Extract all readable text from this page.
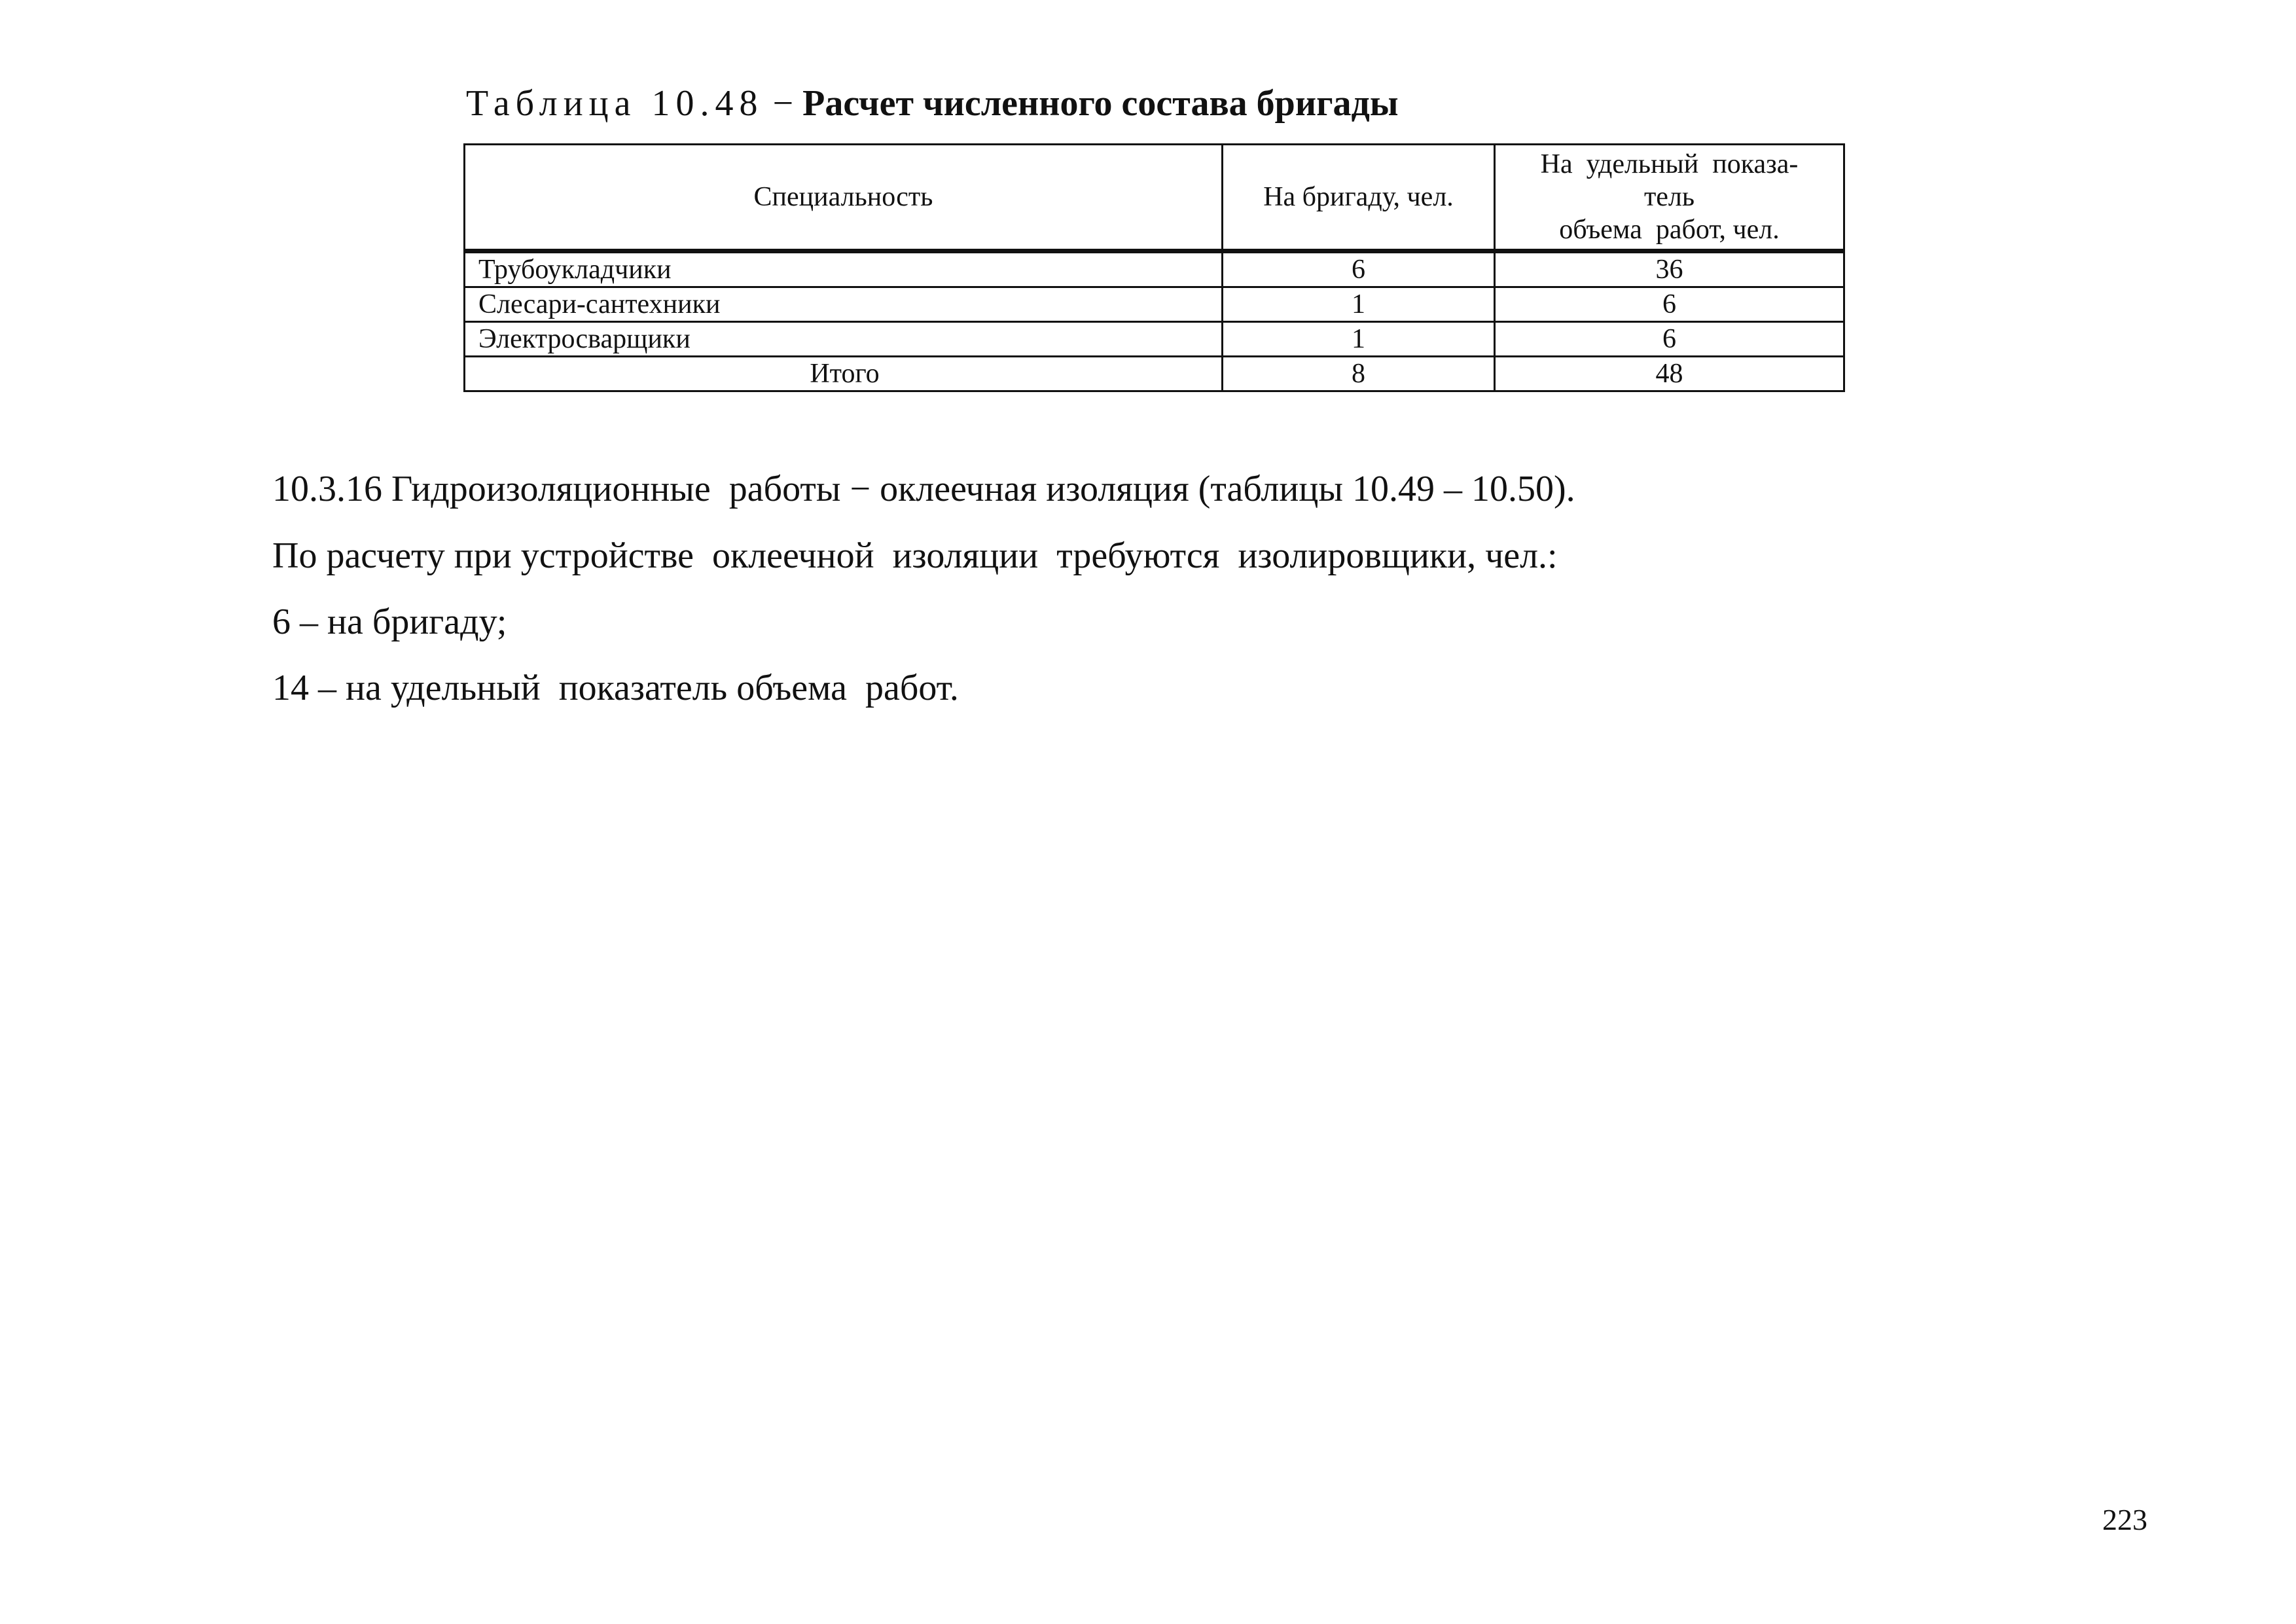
Таблица 10.48 − Расчет численного состава бригады
Специальность	На бригаду, чел.	На  удельный  показа-
тель
объема  работ, чел.
Трубоукладчики	6	36
Слесари-сантехники	1	6
Электросварщики	1	6
Итого	8	48
10.3.16 Гидроизоляционные  работы − оклеечная изоляция (таблицы 10.49 – 10.50).
По расчету при устройстве  оклеечной  изоляции  требуются  изолировщики, чел.:
6 – на бригаду;
14 – на удельный  показатель объема  работ.
223
